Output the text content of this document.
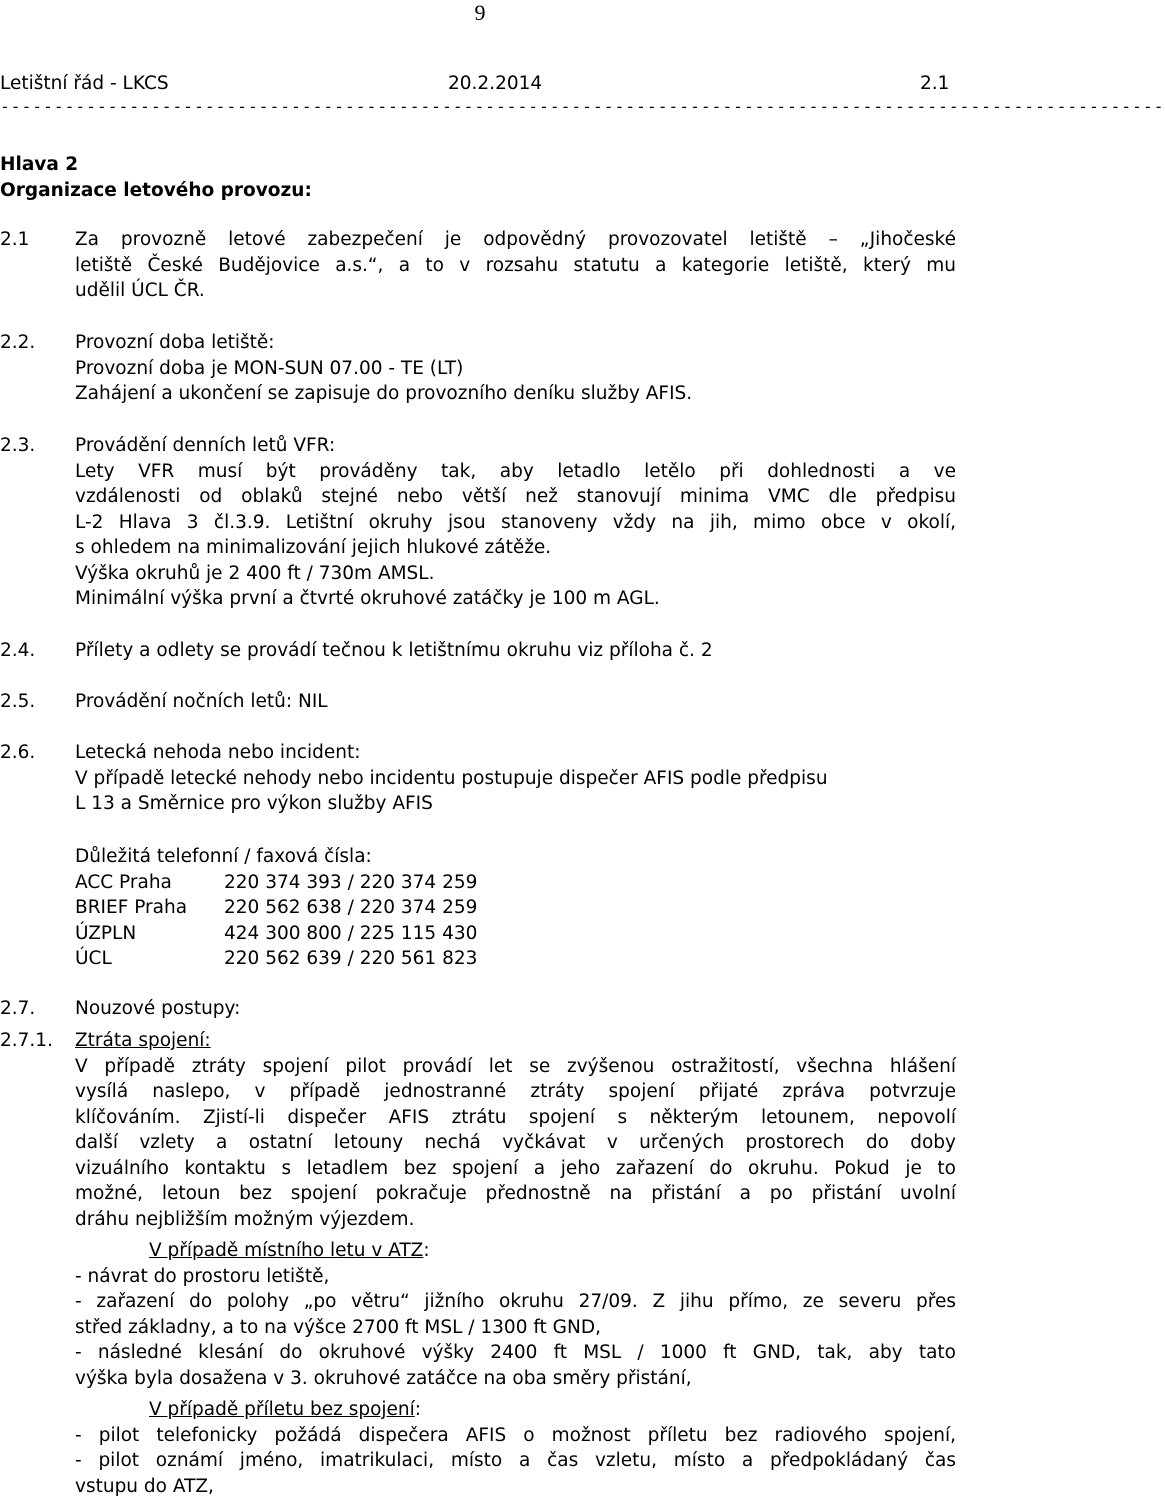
9
Letištní řád - LKCS	20.2.2014	2.1
------------------------------------------------------------------------------------------------------------
Hlava 2
Organizace letového provozu:
2.1 Za provozně letové zabezpečení je odpovědný provozovatel letiště – „Jihočeské
letiště České Budějovice a.s.“, a to v rozsahu statutu a kategorie letiště, který mu
udělil ÚCL ČR.
2.2. Provozní doba letiště:
Provozní doba je MON-SUN 07.00 - TE (LT)
Zahájení a ukončení se zapisuje do provozního deníku služby AFIS.
2.3. Provádění denních letů VFR:
Lety VFR musí být prováděny tak, aby letadlo letělo při dohlednosti a ve
vzdálenosti od oblaků stejné nebo větší než stanovují minima VMC dle předpisu
L-2 Hlava 3 čl.3.9. Letištní okruhy jsou stanoveny vždy na jih, mimo obce v okolí,
s ohledem na minimalizování jejich hlukové zátěže.
Výška okruhů je 2 400 ft / 730m AMSL.
Minimální výška první a čtvrté okruhové zatáčky je 100 m AGL.
2.4. Přílety a odlety se provádí tečnou k letištnímu okruhu viz příloha č. 2
2.5. Provádění nočních letů: NIL
2.6. Letecká nehoda nebo incident:
V případě letecké nehody nebo incidentu postupuje dispečer AFIS podle předpisu
L 13 a Směrnice pro výkon služby AFIS
Důležitá telefonní / faxová čísla:
ACC Praha	220 374 393 / 220 374 259
BRIEF Praha 220 562 638 / 220 374 259
ÚZPLN	424 300 800 / 225 115 430
ÚCL	220 562 639 / 220 561 823
2.7. Nouzové postupy:
2.7.1. Ztráta spojení:
V případě ztráty spojení pilot provádí let se zvýšenou ostražitostí, všechna hlášení
vysílá naslepo, v případě jednostranné ztráty spojení přijaté zpráva potvrzuje
klíčováním. Zjistí-li dispečer AFIS ztrátu spojení s některým letounem, nepovolí
další vzlety a ostatní letouny nechá vyčkávat v určených prostorech do doby
vizuálního kontaktu s letadlem bez spojení a jeho zařazení do okruhu. Pokud je to
možné, letoun bez spojení pokračuje přednostně na přistání a po přistání uvolní
dráhu nejbližším možným výjezdem.
V případě místního letu v ATZ:
- návrat do prostoru letiště,
- zařazení do polohy „po větru“ jižního okruhu 27/09. Z jihu přímo, ze severu přes
střed základny, a to na výšce 2700 ft MSL / 1300 ft GND,
- následné klesání do okruhové výšky 2400 ft MSL / 1000 ft GND, tak, aby tato
výška byla dosažena v 3. okruhové zatáčce na oba směry přistání,
V případě příletu bez spojení:
- pilot telefonicky požádá dispečera AFIS o možnost příletu bez radiového spojení,
- pilot oznámí jméno, imatrikulaci, místo a čas vzletu, místo a předpokládaný čas
vstupu do ATZ,
